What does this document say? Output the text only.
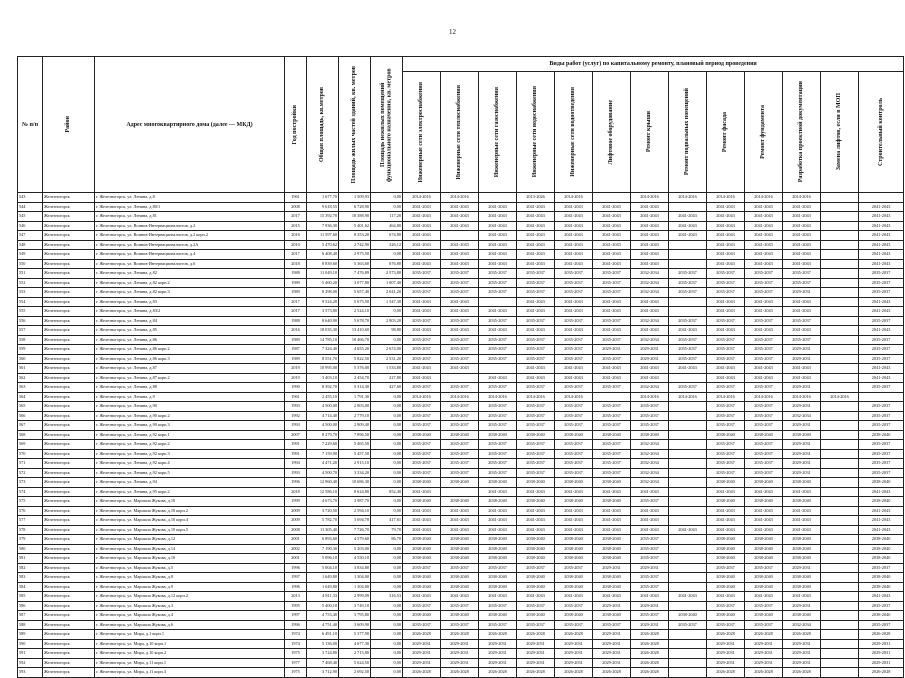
12
№ п/п	Район	Адрес многоквартирного дома (далее — МКД)	Год постройки	Общая площадь, кв.метров	Площадь жилых частей зданий, кв. метров	Площадь нежилых помещений функционального назначения, кв. метров	Виды работ (услуг) по капитальному ремонту, плановый период проведения												

							Инженерные сети электроснабжения	Инженерные сети теплоснабжения	Инженерные сети газоснабжения	Инженерные сети водоснабжения	Инженерные сети водоотведения	Лифтовое оборудование	Ремонт крыши	Ремонт подвальных помещений	Ремонт фасада	Ремонт фундамента	Разработка проектной документации	Замена лифтов, если в МОП	Строительный контроль

543	Железногорск	г. Железногорск, ул. Ленина, д.8	1961	1 677,70	1 509,93	0,00	2014-2016	2014-2016		2013-2026	2014-2016		2014-2016	2014-2016	2014-2016	2014-2016	2014-2016		
544	Железногорск	г. Железногорск, ул. Ленина, д.80/1	2008	9 618,55	6 728,90	0,00	2041-2043	2041-2043	2041-2043	2041-2043	2041-2043	2041-2043	2041-2043		2041-2043	2041-2043	2041-2043		2041-2043
545	Железногорск	г. Железногорск, ул. Ленина, д.81	2017	15 392,70	10 388,90	117,20	2041-2043	2041-2043	2041-2043	2041-2043	2041-2043	2041-2043	2041-2043	2041-2043	2041-2043	2041-2043	2041-2043		2041-2043
546	Железногорск	г. Железногорск, ул. Воинов-Интернационалистов, д.2	2015	7 936,30	5 401,62	464,80	2041-2043	2041-2043	2041-2043	2041-2043	2041-2043	2041-2043	2041-2043	2041-2043	2041-2043	2041-2043	2041-2043		2041-2043
547	Железногорск	г. Железногорск, ул. Воинов-Интернационалистов, д.2 корп.2	2016	11 597,60	8 353,20	674,80	2041-2043		2041-2043	2041-2043	2041-2043	2041-2043	2041-2043	2041-2043	2041-2043	2041-2043	2041-2043		2041-2043
548	Железногорск	г. Железногорск, ул. Воинов-Интернационалистов, д.2А	2010	5 470,62	2 742,90	326,12	2041-2043	2041-2043	2041-2043	2041-2043	2041-2043	2041-2043	2041-2043		2041-2043	2041-2043	2041-2043		2041-2043
549	Железногорск	г. Железногорск, ул. Воинов-Интернационалистов, д.4	2017	6 408,40	2 975,50	0,00	2041-2043	2041-2043	2041-2043	2041-2043	2041-2043	2041-2043	2041-2043		2041-2043	2041-2043	2041-2043		2041-2043
550	Железногорск	г. Железногорск, ул. Воинов-Интернационалистов, д.6	2018	8 839,60	5 363,60	676,80	2041-2043	2041-2043	2041-2043	2041-2043	2041-2043	2041-2043	2041-2043		2041-2043	2041-2043	2041-2043		2041-2043
551	Железногорск	г. Железногорск, ул. Ленина, д.82	1988	11 049,10	7 476,89	2 573,80	2035-2037	2035-2037	2035-2037	2035-2037	2035-2037	2035-2037	2032-2034	2035-2037	2035-2037	2035-2037	2035-2037		2035-2037
552	Железногорск	г. Железногорск, ул. Ленина, д.82 корп.2	1989	5 460,20	3 077,80	1 007,40	2035-2037	2035-2037	2035-2037	2035-2037	2035-2037	2035-2037	2032-2034	2035-2037	2035-2037	2035-2037	2035-2037		2035-2037
553	Железногорск	г. Железногорск, ул. Ленина, д.82 корп.3	1989	8 298,00	5 657,40	2 641,20	2035-2037	2035-2037	2035-2037	2035-2037	2035-2037	2035-2037	2032-2034	2035-2037	2035-2037	2035-2037	2029-2031		2035-2037
554	Железногорск	г. Железногорск, ул. Ленина, д.83	2017	9 524,20	5 675,50	1 547,30	2041-2043	2041-2043		2041-2043	2041-2043	2041-2043	2041-2043		2041-2043	2041-2043	2041-2043		2041-2043
555	Железногорск	г. Железногорск, ул. Ленина, д.83/2	2017	3 573,80	2 524,10	0,00	2041-2043	2041-2043	2041-2043	2041-2043	2041-2043	2041-2043	2041-2043		2041-2043	2041-2043	2041-2043		2041-2043
556	Железногорск	г. Железногорск, ул. Ленина, д.84	1988	8 640,90	5 678,70	2 803,20	2035-2037	2035-2037	2035-2037	2035-2037	2035-2037	2035-2037	2032-2034	2035-2037	2035-2037	2035-2037	2035-2037		2035-2037
557	Железногорск	г. Железногорск, ул. Ленина, д.85	2016	18 035,30	13 410,60	98,80	2041-2043	2041-2043	2041-2043	2041-2043	2041-2043	2041-2043	2041-2043	2041-2043	2041-2043	2041-2043	2041-2043		2041-2043
558	Железногорск	г. Железногорск, ул. Ленина, д.86	1989	14 785,10	10 466,70	0,00	2035-2037	2035-2037	2035-2037	2035-2037	2035-2037	2035-2037	2032-2034	2035-2037	2035-2037	2035-2037	2035-2037		2035-2037
559	Железногорск	г. Железногорск, ул. Ленина, д.86 корп.2	1987	7 324,40	4 655,20	2 674,00	2035-2037	2035-2037	2035-2037	2035-2037	2035-2037	2029-2031	2029-2031	2035-2037	2035-2037	2035-2037	2029-2031		2035-2037
560	Железногорск	г. Железногорск, ул. Ленина, д.86 корп.3	1989	8 551,70	5 822,50	2 531,20	2035-2037	2035-2037	2035-2037	2035-2037	2035-2037	2035-2037	2029-2031	2035-2037	2035-2037	2035-2037	2029-2031		2035-2037
561	Железногорск	г. Железногорск, ул. Ленина, д.87	2019	10 995,00	5 376,00	1 533,80	2041-2043	2041-2043		2041-2043	2041-2043	2041-2043	2041-2043	2041-2043	2041-2043	2041-2043	2041-2043		2041-2043
562	Железногорск	г. Железногорск, ул. Ленина, д.87 корп.2	2019	3 403,10	2 454,70	227,80	2041-2043		2041-2043	2041-2043	2041-2043	2041-2043	2041-2043		2041-2043	2041-2043	2041-2043		2041-2043
563	Железногорск	г. Железногорск, ул. Ленина, д.88	1990	8 392,70	5 314,30	427,60	2035-2037	2035-2037	2035-2037	2035-2037	2035-2037	2035-2037	2032-2034	2035-2037	2035-2037	2035-2037	2029-2031		2035-2037
564	Железногорск	г. Железногорск, ул. Ленина, д.9	1961	2 455,10	1 791,30	0,00	2014-2016	2014-2016	2014-2016	2014-2016	2014-2016		2014-2016	2014-2016	2014-2016	2014-2016	2014-2016	2014-2016	
565	Железногорск	г. Железногорск, ул. Ленина, д.90	1993	4 500,00	2 803,00	0,00	2035-2037	2035-2037	2035-2037	2035-2037	2035-2037	2035-2037	2035-2037		2035-2037	2035-2037	2029-2031		2035-2037
566	Железногорск	г. Железногорск, ул. Ленина, д.90 корп.2	1992	4 714,40	2 779,10	0,00	2035-2037	2035-2037	2035-2037	2035-2037	2035-2037	2035-2037	2035-2037		2035-2037	2035-2037	2032-2034		2035-2037
567	Железногорск	г. Железногорск, ул. Ленина, д.90 корп.3	1993	4 500,00	2 809,40	0,00	2035-2037	2035-2037	2035-2037	2035-2037	2035-2037	2035-2037	2035-2037		2035-2037	2035-2037	2029-2031		2035-2037
568	Железногорск	г. Железногорск, ул. Ленина, д.92 корп.1	2007	8 279,70	7 896,50	0,00	2038-2040	2038-2040	2038-2040	2038-2040	2038-2040	2038-2040	2038-2040		2038-2040	2038-2040	2038-2040		2038-2040
569	Железногорск	г. Железногорск, ул. Ленина, д.92 корп.2	1991	7 229,60	5 465,50	0,00	2035-2037	2035-2037	2035-2037	2035-2037	2035-2037	2035-2037	2032-2034		2035-2037	2035-2037	2029-2031		2035-2037
570	Железногорск	г. Железногорск, ул. Ленина, д.92 корп.3	1991	7 159,90	5 457,50	0,00	2035-2037	2035-2037	2035-2037	2035-2037	2035-2037	2035-2037	2032-2034		2035-2037	2035-2037	2029-2031		2035-2037
571	Железногорск	г. Железногорск, ул. Ленина, д.92 корп.4	1994	4 471,20	2 915,10	0,00	2035-2037	2035-2037	2035-2037	2035-2037	2035-2037	2035-2037	2032-2034		2035-2037	2035-2037	2029-2031		2035-2037
572	Железногорск	г. Железногорск, ул. Ленина, д.92 корп.5	1993	4 500,70	3 334,20	0,00	2035-2037	2035-2037	2035-2037	2035-2037	2035-2037	2035-2037	2032-2034		2035-2037	2035-2037	2029-2031		2035-2037
573	Железногорск	г. Железногорск, ул. Ленина, д.94	1996	12 960,40	10 686,30	0,00	2038-2040	2038-2040	2038-2040	2038-2040	2038-2040	2038-2040	2032-2034		2038-2040	2038-2040	2038-2040		2038-2040
574	Железногорск	г. Железногорск, ул. Ленина, д.95 корп.2	2018	12 586,10	8 624,80	852,40	2041-2043		2041-2043	2041-2043	2041-2043	2041-2043	2041-2043		2041-2043	2041-2043	2041-2043		2041-2043
575	Железногорск	г. Железногорск, ул. Маршала Жукова, д.10	1999	4 673,70	3 987,70	0,00	2038-2040	2038-2040	2038-2040	2038-2040	2038-2040	2038-2040	2035-2037		2038-2040	2038-2040	2038-2040		2038-2040
576	Железногорск	г. Железногорск, ул. Маршала Жукова, д.10 корп.2	2009	3 720,50	2 594,10	0,00	2041-2043	2041-2043	2041-2043	2041-2043	2041-2043	2041-2043	2041-2043		2041-2043	2041-2043	2041-2043		2041-2043
577	Железногорск	г. Железногорск, ул. Маршала Жукова, д.10 корп.4	2009	5 782,70	3 694,78	417,61	2041-2043	2041-2043	2041-2043	2041-2043	2041-2043	2041-2043	2041-2043		2041-2043	2041-2043	2041-2043		2041-2043
578	Железногорск	г. Железногорск, ул. Маршала Жукова, д.10 корп.5	2008	11 305,40	7 726,70	79,70	2041-2043	2041-2043	2041-2043	2041-2043	2041-2043	2041-2043	2041-2043	2041-2043	2041-2043	2041-2043	2041-2043		2041-2043
579	Железногорск	г. Железногорск, ул. Маршала Жукова, д.12	2001	6 893,60	4 579,60	86,70	2038-2040	2038-2040	2038-2040	2038-2040	2038-2040	2038-2040	2035-2037		2038-2040	2038-2040	2038-2040		2038-2040
580	Железногорск	г. Железногорск, ул. Маршала Жукова, д.14	2002	7 190,30	5 203,00	0,00	2038-2040	2038-2040	2038-2040	2038-2040	2038-2040	2038-2040	2035-2037		2038-2040	2038-2040	2038-2040		2038-2040
581	Железногорск	г. Железногорск, ул. Маршала Жукова, д.16	2001	5 096,10	4 550,10	0,00	2038-2040	2038-2040	2038-2040	2038-2040	2038-2040	2038-2040	2035-2037		2038-2040	2038-2040	2038-2040		2038-2040
582	Железногорск	г. Железногорск, ул. Маршала Жукова, д.5	1996	5 004,10	3 834,80	0,00	2035-2037	2035-2037	2035-2037	2035-2037	2035-2037	2029-2031	2029-2031		2035-2037	2035-2037	2029-2031		2035-2037
583	Железногорск	г. Железногорск, ул. Маршала Жукова, д.8	1997	1 649,80	1 304,00	0,00	2038-2040	2038-2040	2038-2040	2038-2040	2038-2040	2038-2040	2035-2037		2038-2040	2038-2040	2038-2040		2038-2040
584	Железногорск	г. Железногорск, ул. Маршала Жукова, д.9	1996	1 649,80	1 304,00	0,00	2038-2040	2038-2040	2038-2040	2038-2040	2038-2040	2038-2040	2035-2037		2038-2040	2038-2040	2038-2040		2038-2040
585	Железногорск	г. Железногорск, ул. Маршала Жукова, д.12 корп.2	2013	4 811,33	2 999,09	316,53	2041-2043	2041-2043	2041-2043	2041-2043	2041-2043	2041-2043	2041-2043	2041-2043	2041-2043	2041-2043	2041-2043		2041-2043
586	Железногорск	г. Железногорск, ул. Маршала Жукова, д.3	1995	5 400,10	3 749,10	0,00	2035-2037	2035-2037	2035-2037	2035-2037	2035-2037	2029-2031	2029-2031		2035-2037	2035-2037	2029-2031		2035-2037
587	Железногорск	г. Железногорск, ул. Маршала Жукова, д.4	1997	4 753,40	3 795,80	0,00	2038-2040	2038-2040	2038-2040	2038-2040	2038-2040	2038-2040	2035-2037	2038-2040	2038-2040	2038-2040	2038-2040		2038-2040
588	Железногорск	г. Железногорск, ул. Маршала Жукова, д.6	1996	4 751,40	3 609,90	0,00	2035-2037	2035-2037	2035-2037	2035-2037	2035-2037	2035-2037	2029-2031	2035-2037	2035-2037	2035-2037	2032-2034		2035-2037
589	Железногорск	г. Железногорск, ул. Мира, д.1 корп.1	1974	6 491,10	5 377,90	0,00	2026-2028	2026-2028	2026-2028	2026-2028	2026-2028	2029-2031	2026-2028		2026-2028	2026-2028	2026-2028		2026-2028
590	Железногорск	г. Железногорск, ул. Мира, д.10 корп.1	1974	5 136,00	4 677,30	0,00	2029-2031	2029-2031	2029-2031	2029-2031	2029-2031	2029-2031	2026-2028		2029-2031	2029-2031	2029-2031		2029-2031
591	Железногорск	г. Железногорск, ул. Мира, д.10 корп.2	1975	3 724,80	2 715,80	0,00	2029-2031	2029-2031	2029-2031	2029-2031	2029-2031	2029-2031	2026-2028		2029-2031	2029-2031	2029-2031		2029-2031
592	Железногорск	г. Железногорск, ул. Мира, д.11 корп.1	1977	7 468,40	5 624,50	0,00	2029-2031	2029-2031	2029-2031	2029-2031	2029-2031	2029-2031	2026-2028		2029-2031	2029-2031	2029-2031		2029-2031
593	Железногорск	г. Железногорск, ул. Мира, д.11 корп.3	1975	3 712,90	2 692,50	0,00	2026-2028	2026-2028	2026-2028	2026-2028	2026-2028	2026-2028	2026-2028		2026-2028	2026-2028	2026-2028		2026-2028
